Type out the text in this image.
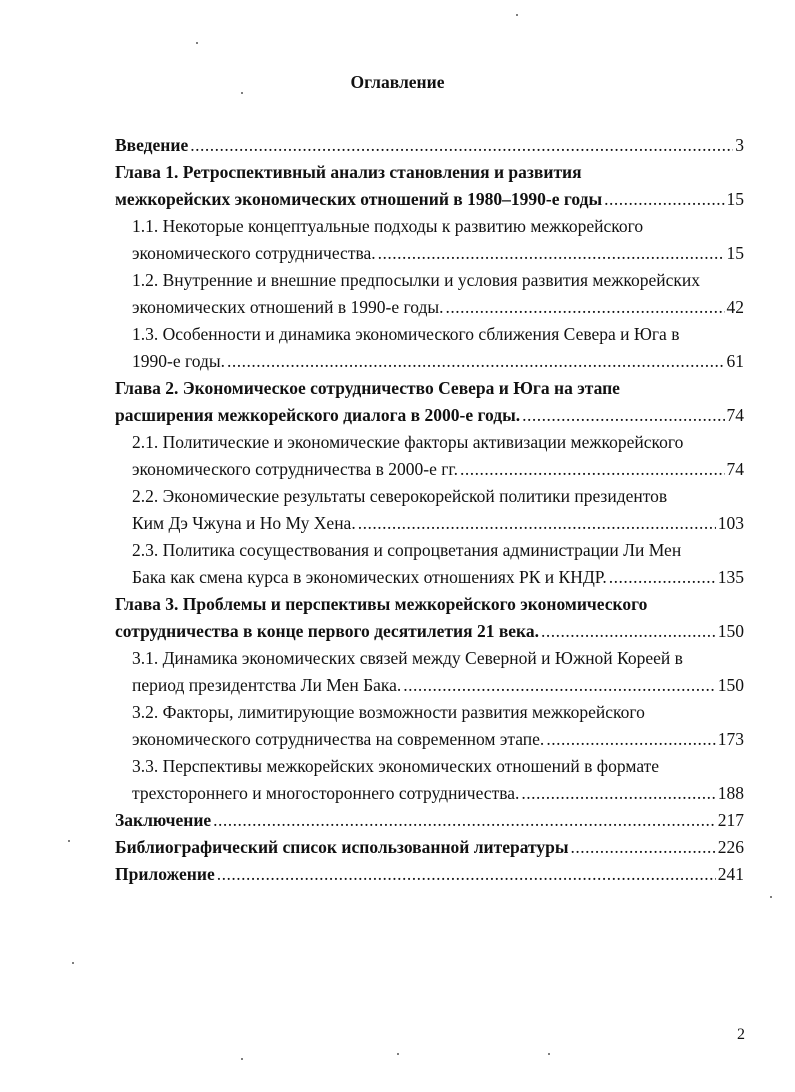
Оглавление
Введение .....	3
Глава 1. Ретроспективный анализ становления и развития
межкорейских экономических отношений в 1980–1990-е годы .....	15
1.1. Некоторые концептуальные подходы к развитию межкорейского
экономического сотрудничества. .....	15
1.2. Внутренние и внешние предпосылки и условия развития межкорейских
экономических отношений в 1990-е годы. .....	42
1.3. Особенности и динамика экономического сближения Севера и Юга в
1990-е годы. .....	61
Глава 2. Экономическое сотрудничество Севера и Юга на этапе
расширения межкорейского диалога в 2000-е годы. .....	74
2.1. Политические и экономические факторы активизации межкорейского
экономического сотрудничества в 2000-е гг. .....	74
2.2. Экономические результаты северокорейской политики президентов
Ким Дэ Чжуна и Но Му Хена. .....	103
2.3. Политика сосуществования и сопроцветания администрации Ли Мен
Бака как смена курса в экономических отношениях РК и КНДР. .....	135
Глава 3. Проблемы и перспективы межкорейского экономического
сотрудничества в конце первого десятилетия 21 века. .....	150
3.1. Динамика экономических связей между Северной и Южной Кореей в
период президентства Ли Мен Бака. .....	150
3.2. Факторы, лимитирующие возможности развития межкорейского
экономического сотрудничества на современном этапе. .....	173
3.3. Перспективы межкорейских экономических отношений в формате
трехстороннего и многостороннего сотрудничества. .....	188
Заключение .....	217
Библиографический список использованной литературы .....	226
Приложение .....	241
2
